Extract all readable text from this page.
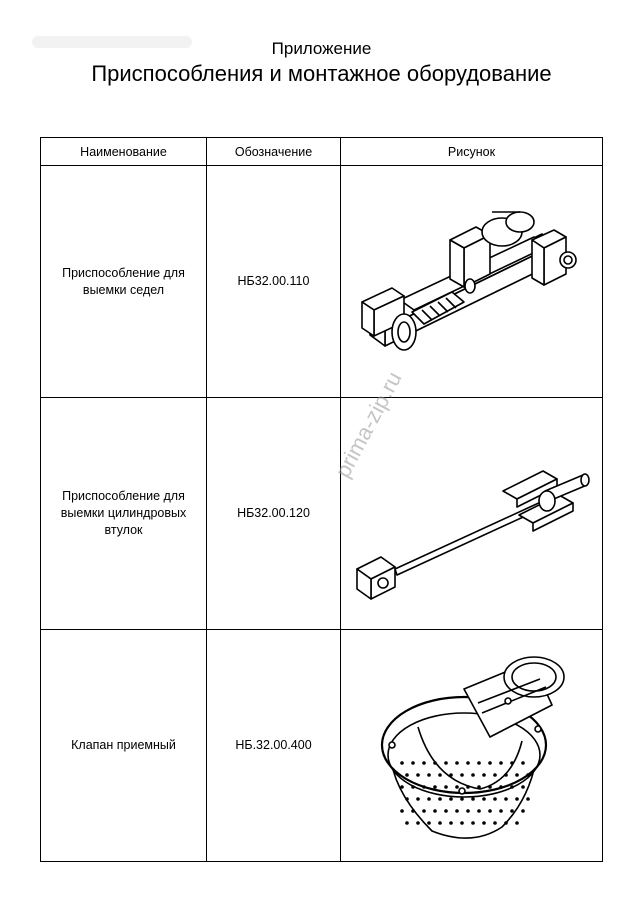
Приложение
Приспособления и монтажное оборудование
Наименование	Обозначение	Рисунок
Приспособление для выемки седел	НБ32.00.110	

Приспособление для выемки цилиндровых втулок	НБ32.00.120	

Клапан приемный	НБ.32.00.400	
prima-zip.ru
